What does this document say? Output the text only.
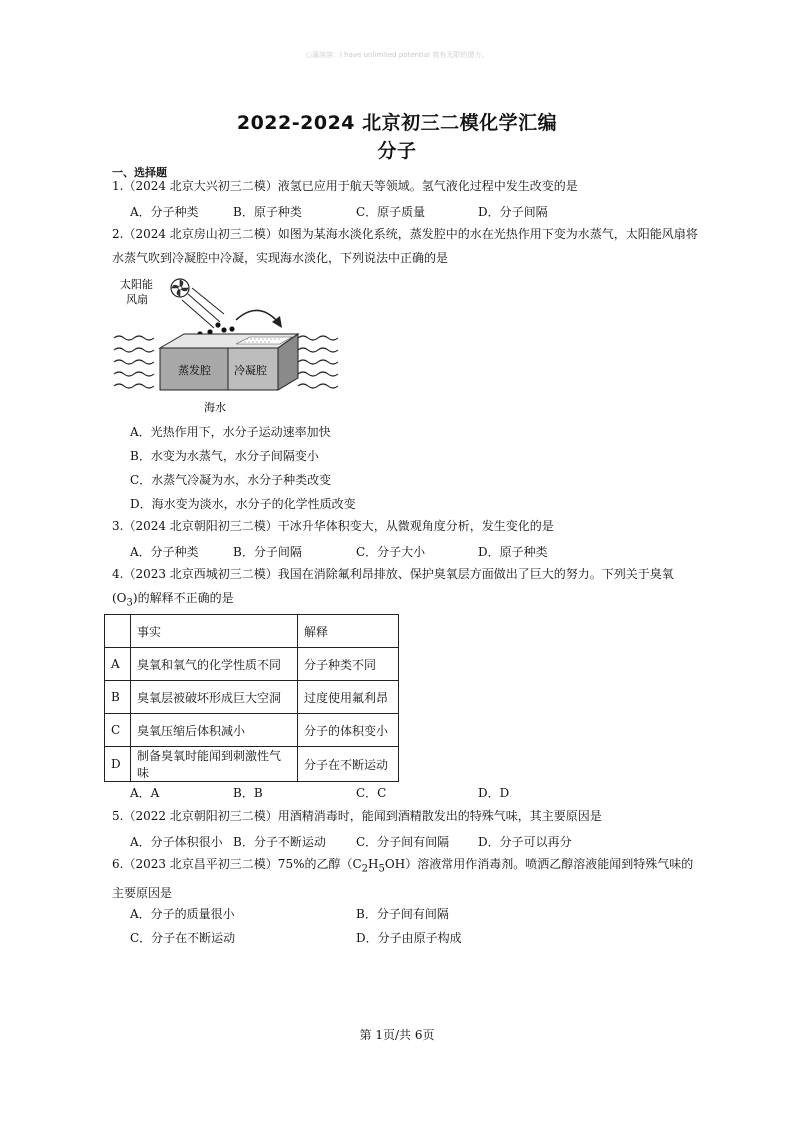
○蒲溶溶：I have unlimited potential 我有无限的潜力。
2022-2024 北京初三二模化学汇编
分子
一、选择题
1.（2024 北京大兴初三二模）液氢已应用于航天等领域。氢气液化过程中发生改变的是
A．分子种类	B．原子种类	C．原子质量	D．分子间隔
2.（2024 北京房山初三二模）如图为某海水淡化系统，蒸发腔中的水在光热作用下变为水蒸气，太阳能风扇将水蒸气吹到冷凝腔中冷凝，实现海水淡化，下列说法中正确的是
太阳能
风扇
蒸发腔 冷凝腔
海水
A．光热作用下，水分子运动速率加快
B．水变为水蒸气，水分子间隔变小
C．水蒸气冷凝为水，水分子种类改变
D．海水变为淡水，水分子的化学性质改变
3.（2024 北京朝阳初三二模）干冰升华体积变大，从微观角度分析，发生变化的是
A．分子种类	B．分子间隔	C．分子大小	D．原子种类
4.（2023 北京西城初三二模）我国在消除氟利昂排放、保护臭氧层方面做出了巨大的努力。下列关于臭氧$(O_3)$的解释不正确的是
	事实	解释
A	臭氧和氧气的化学性质不同	分子种类不同
B	臭氧层被破坏形成巨大空洞	过度使用氟利昂
C	臭氧压缩后体积减小	分子的体积变小
D	制备臭氧时能闻到刺激性气味	分子在不断运动
A．A	B．B	C．C	D．D
5.（2022 北京朝阳初三二模）用酒精消毒时，能闻到酒精散发出的特殊气味，其主要原因是
A．分子体积很小 B．分子不断运动	C．分子间有间隔 D．分子可以再分
6.（2023 北京昌平初三二模）75%的乙醇$(C_2H_5OH)$溶液常用作消毒剂。喷洒乙醇溶液能闻到特殊气味的主要原因是
A．分子的质量很小	B．分子间有间隔
C．分子在不断运动	D．分子由原子构成
第 1页/共 6页
